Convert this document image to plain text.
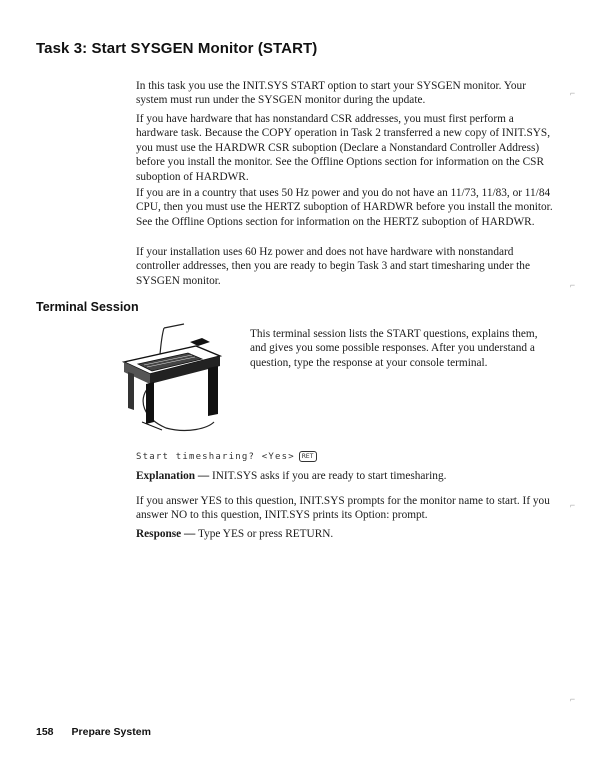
Task 3: Start SYSGEN Monitor (START)

In this task you use the INIT.SYS START option to start your SYSGEN monitor. Your system must run under the SYSGEN monitor during the update.

If you have hardware that has nonstandard CSR addresses, you must first perform a hardware task. Because the COPY operation in Task 2 transferred a new copy of INIT.SYS, you must use the HARDWR CSR suboption (Declare a Nonstandard Controller Address) before you install the monitor. See the Offline Options section for information on the CSR suboption of HARDWR.

If you are in a country that uses 50 Hz power and you do not have an 11/73, 11/83, or 11/84 CPU, then you must use the HERTZ suboption of HARDWR before you install the monitor. See the Offline Options section for information on the HERTZ suboption of HARDWR.

If your installation uses 60 Hz power and does not have hardware with nonstandard controller addresses, then you are ready to begin Task 3 and start timesharing under the SYSGEN monitor.

Terminal Session

This terminal session lists the START questions, explains them, and gives you some possible responses. After you understand a question, type the response at your console terminal.

Start timesharing? <Yes> RET

Explanation — INIT.SYS asks if you are ready to start timesharing.

If you answer YES to this question, INIT.SYS prompts for the monitor name to start. If you answer NO to this question, INIT.SYS prints its Option: prompt.

Response — Type YES or press RETURN.

158 Prepare System
⌐
⌐
⌐
⌐
